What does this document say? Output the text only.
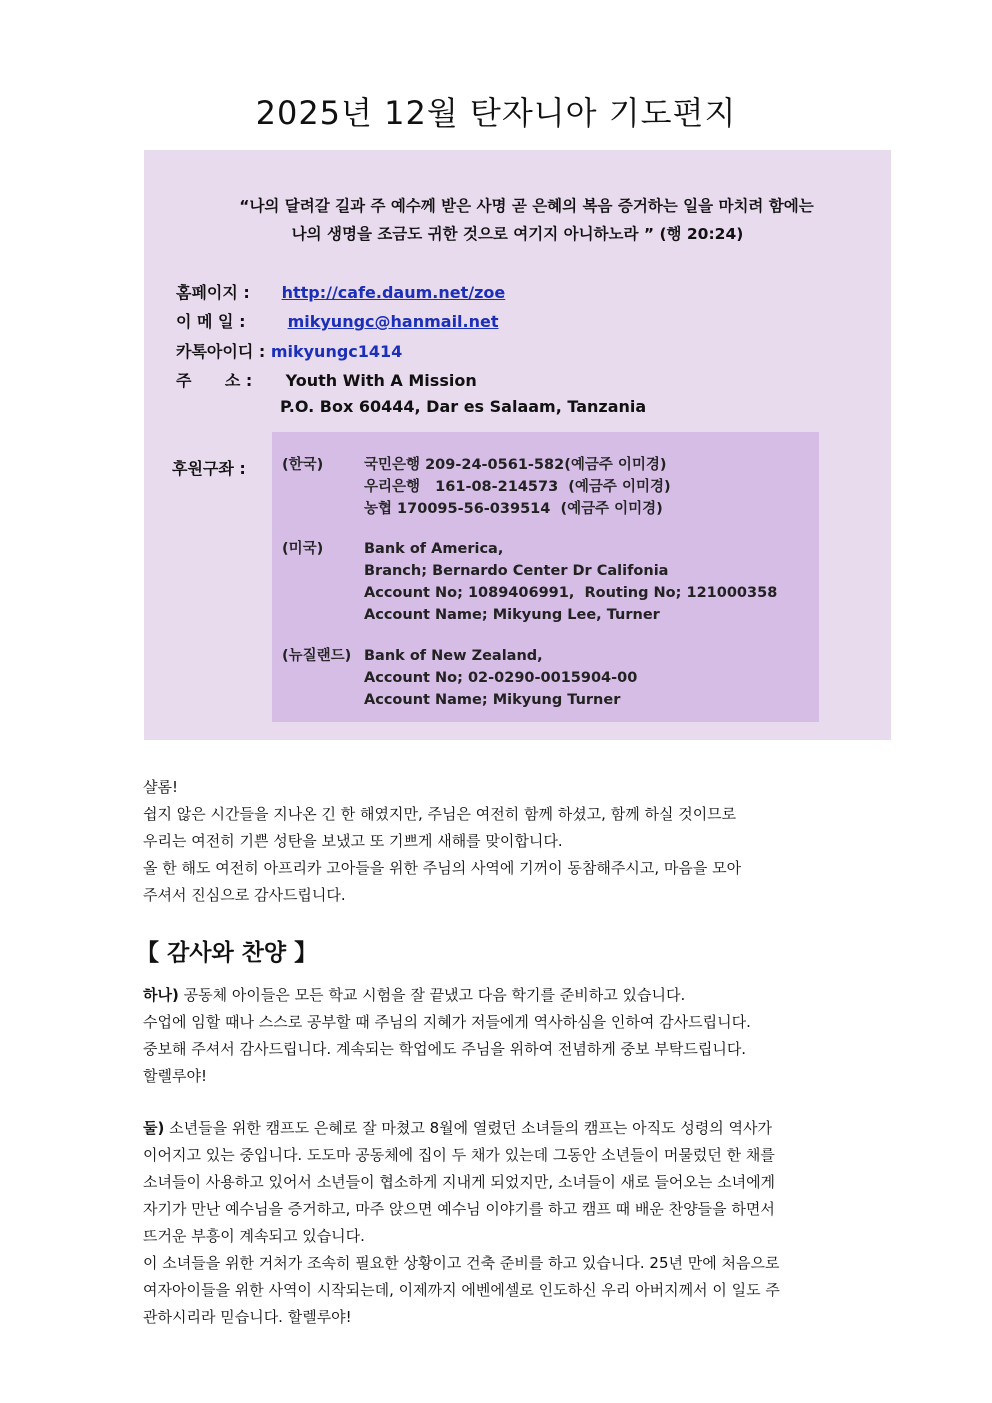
2025년 12월 탄자니아 기도편지
“나의 달려갈 길과 주 예수께 받은 사명 곧 은혜의 복음 증거하는 일을 마치려 함에는
나의 생명을 조금도 귀한 것으로 여기지 아니하노라 ” (행 20:24)
홈페이지 : http://cafe.daum.net/zoe
이 메 일 :	mikyungc@hanmail.net
카톡아이디 : mikyungc1414
주      소 : Youth With A Mission
P.O. Box 60444, Dar es Salaam, Tanzania
후원구좌 : (한국)	국민은행 209-24-0561-582(예금주 이미경)
우리은행   161-08-214573  (예금주 이미경)
농협 170095-56-039514  (예금주 이미경)
(미국)	Bank of America,
Branch; Bernardo Center Dr Califonia
Account No; 1089406991,  Routing No; 121000358
Account Name; Mikyung Lee, Turner
(뉴질랜드) Bank of New Zealand,
Account No; 02-0290-0015904-00
Account Name; Mikyung Turner
샬롬!
쉽지 않은 시간들을 지나온 긴 한 해였지만, 주님은 여전히 함께 하셨고, 함께 하실 것이므로
우리는 여전히 기쁜 성탄을 보냈고 또 기쁘게 새해를 맞이합니다.
올 한 해도 여전히 아프리카 고아들을 위한 주님의 사역에 기꺼이 동참해주시고, 마음을 모아
주셔서 진심으로 감사드립니다.
【 감사와 찬양 】
하나) 공동체 아이들은 모든 학교 시험을 잘 끝냈고 다음 학기를 준비하고 있습니다.
수업에 임할 때나 스스로 공부할 때 주님의 지혜가 저들에게 역사하심을 인하여 감사드립니다.
중보해 주셔서 감사드립니다. 계속되는 학업에도 주님을 위하여 전념하게 중보 부탁드립니다.
할렐루야!
둘) 소년들을 위한 캠프도 은혜로 잘 마쳤고 8월에 열렸던 소녀들의 캠프는 아직도 성령의 역사가
이어지고 있는 중입니다. 도도마 공동체에 집이 두 채가 있는데 그동안 소년들이 머물렀던 한 채를
소녀들이 사용하고 있어서 소년들이 협소하게 지내게 되었지만, 소녀들이 새로 들어오는 소녀에게
자기가 만난 예수님을 증거하고, 마주 앉으면 예수님 이야기를 하고 캠프 때 배운 찬양들을 하면서
뜨거운 부흥이 계속되고 있습니다.
이 소녀들을 위한 거처가 조속히 필요한 상황이고 건축 준비를 하고 있습니다. 25년 만에 처음으로
여자아이들을 위한 사역이 시작되는데, 이제까지 에벤에셀로 인도하신 우리 아버지께서 이 일도 주
관하시리라 믿습니다. 할렐루야!
